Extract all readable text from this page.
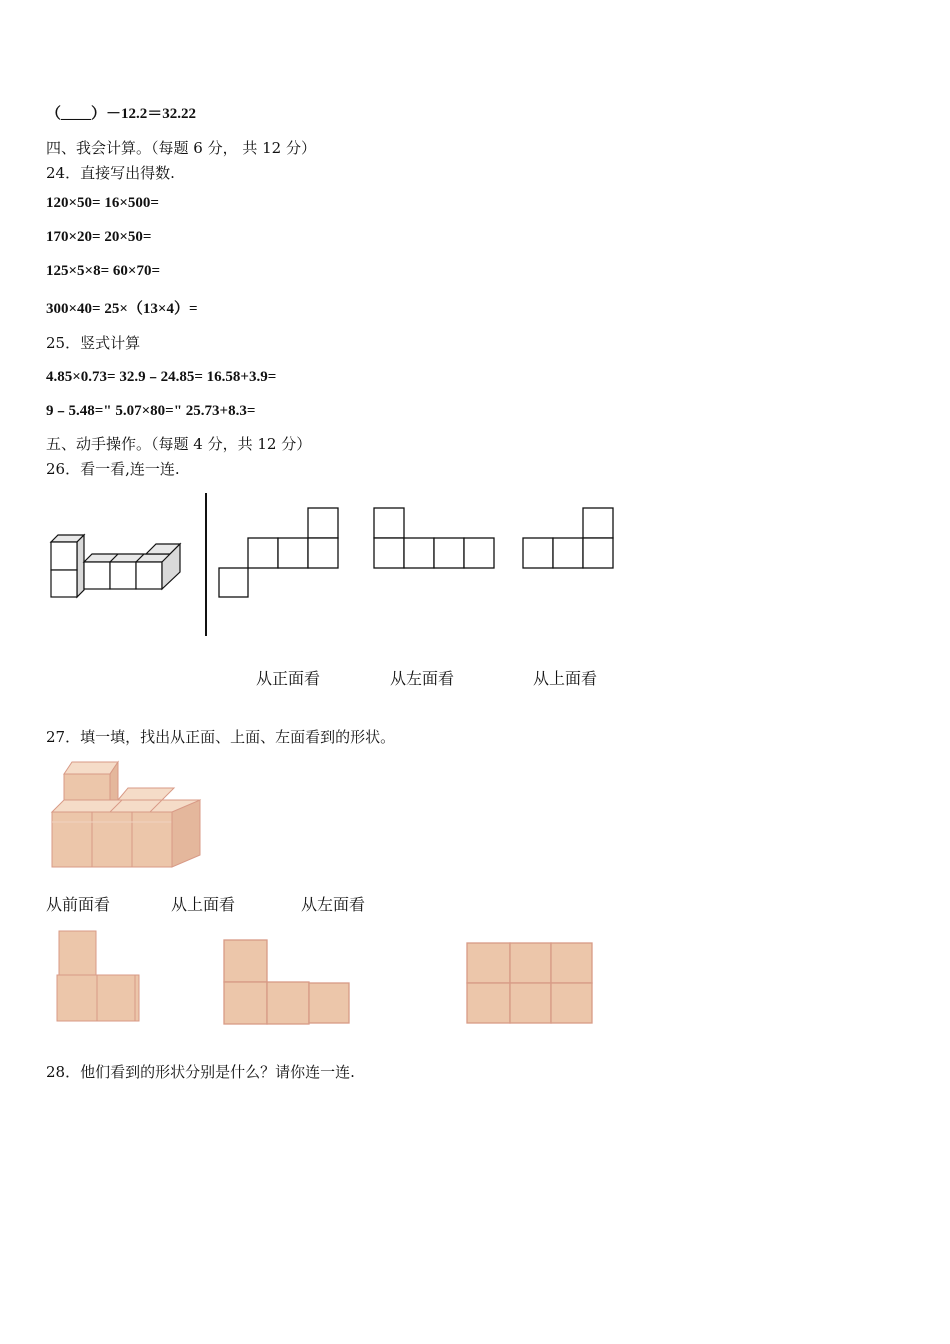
（____）－12.2＝32.22
四、我会计算。（每题 6 分， 共 12 分）
24．直接写出得数.
120×50= 16×500=
170×20= 20×50=
125×5×8= 60×70=
300×40= 25×（13×4）=
25．竖式计算
4.85×0.73= 32.9﹣24.85= 16.58+3.9=
9﹣5.48=" 5.07×80=" 25.73+8.3=
五、动手操作。（每题 4 分，共 12 分）
26．看一看,连一连.
从正面看	从左面看	从上面看
27．填一填，找出从正面、上面、左面看到的形状。
从前面看	从上面看	从左面看
28．他们看到的形状分别是什么？请你连一连.
